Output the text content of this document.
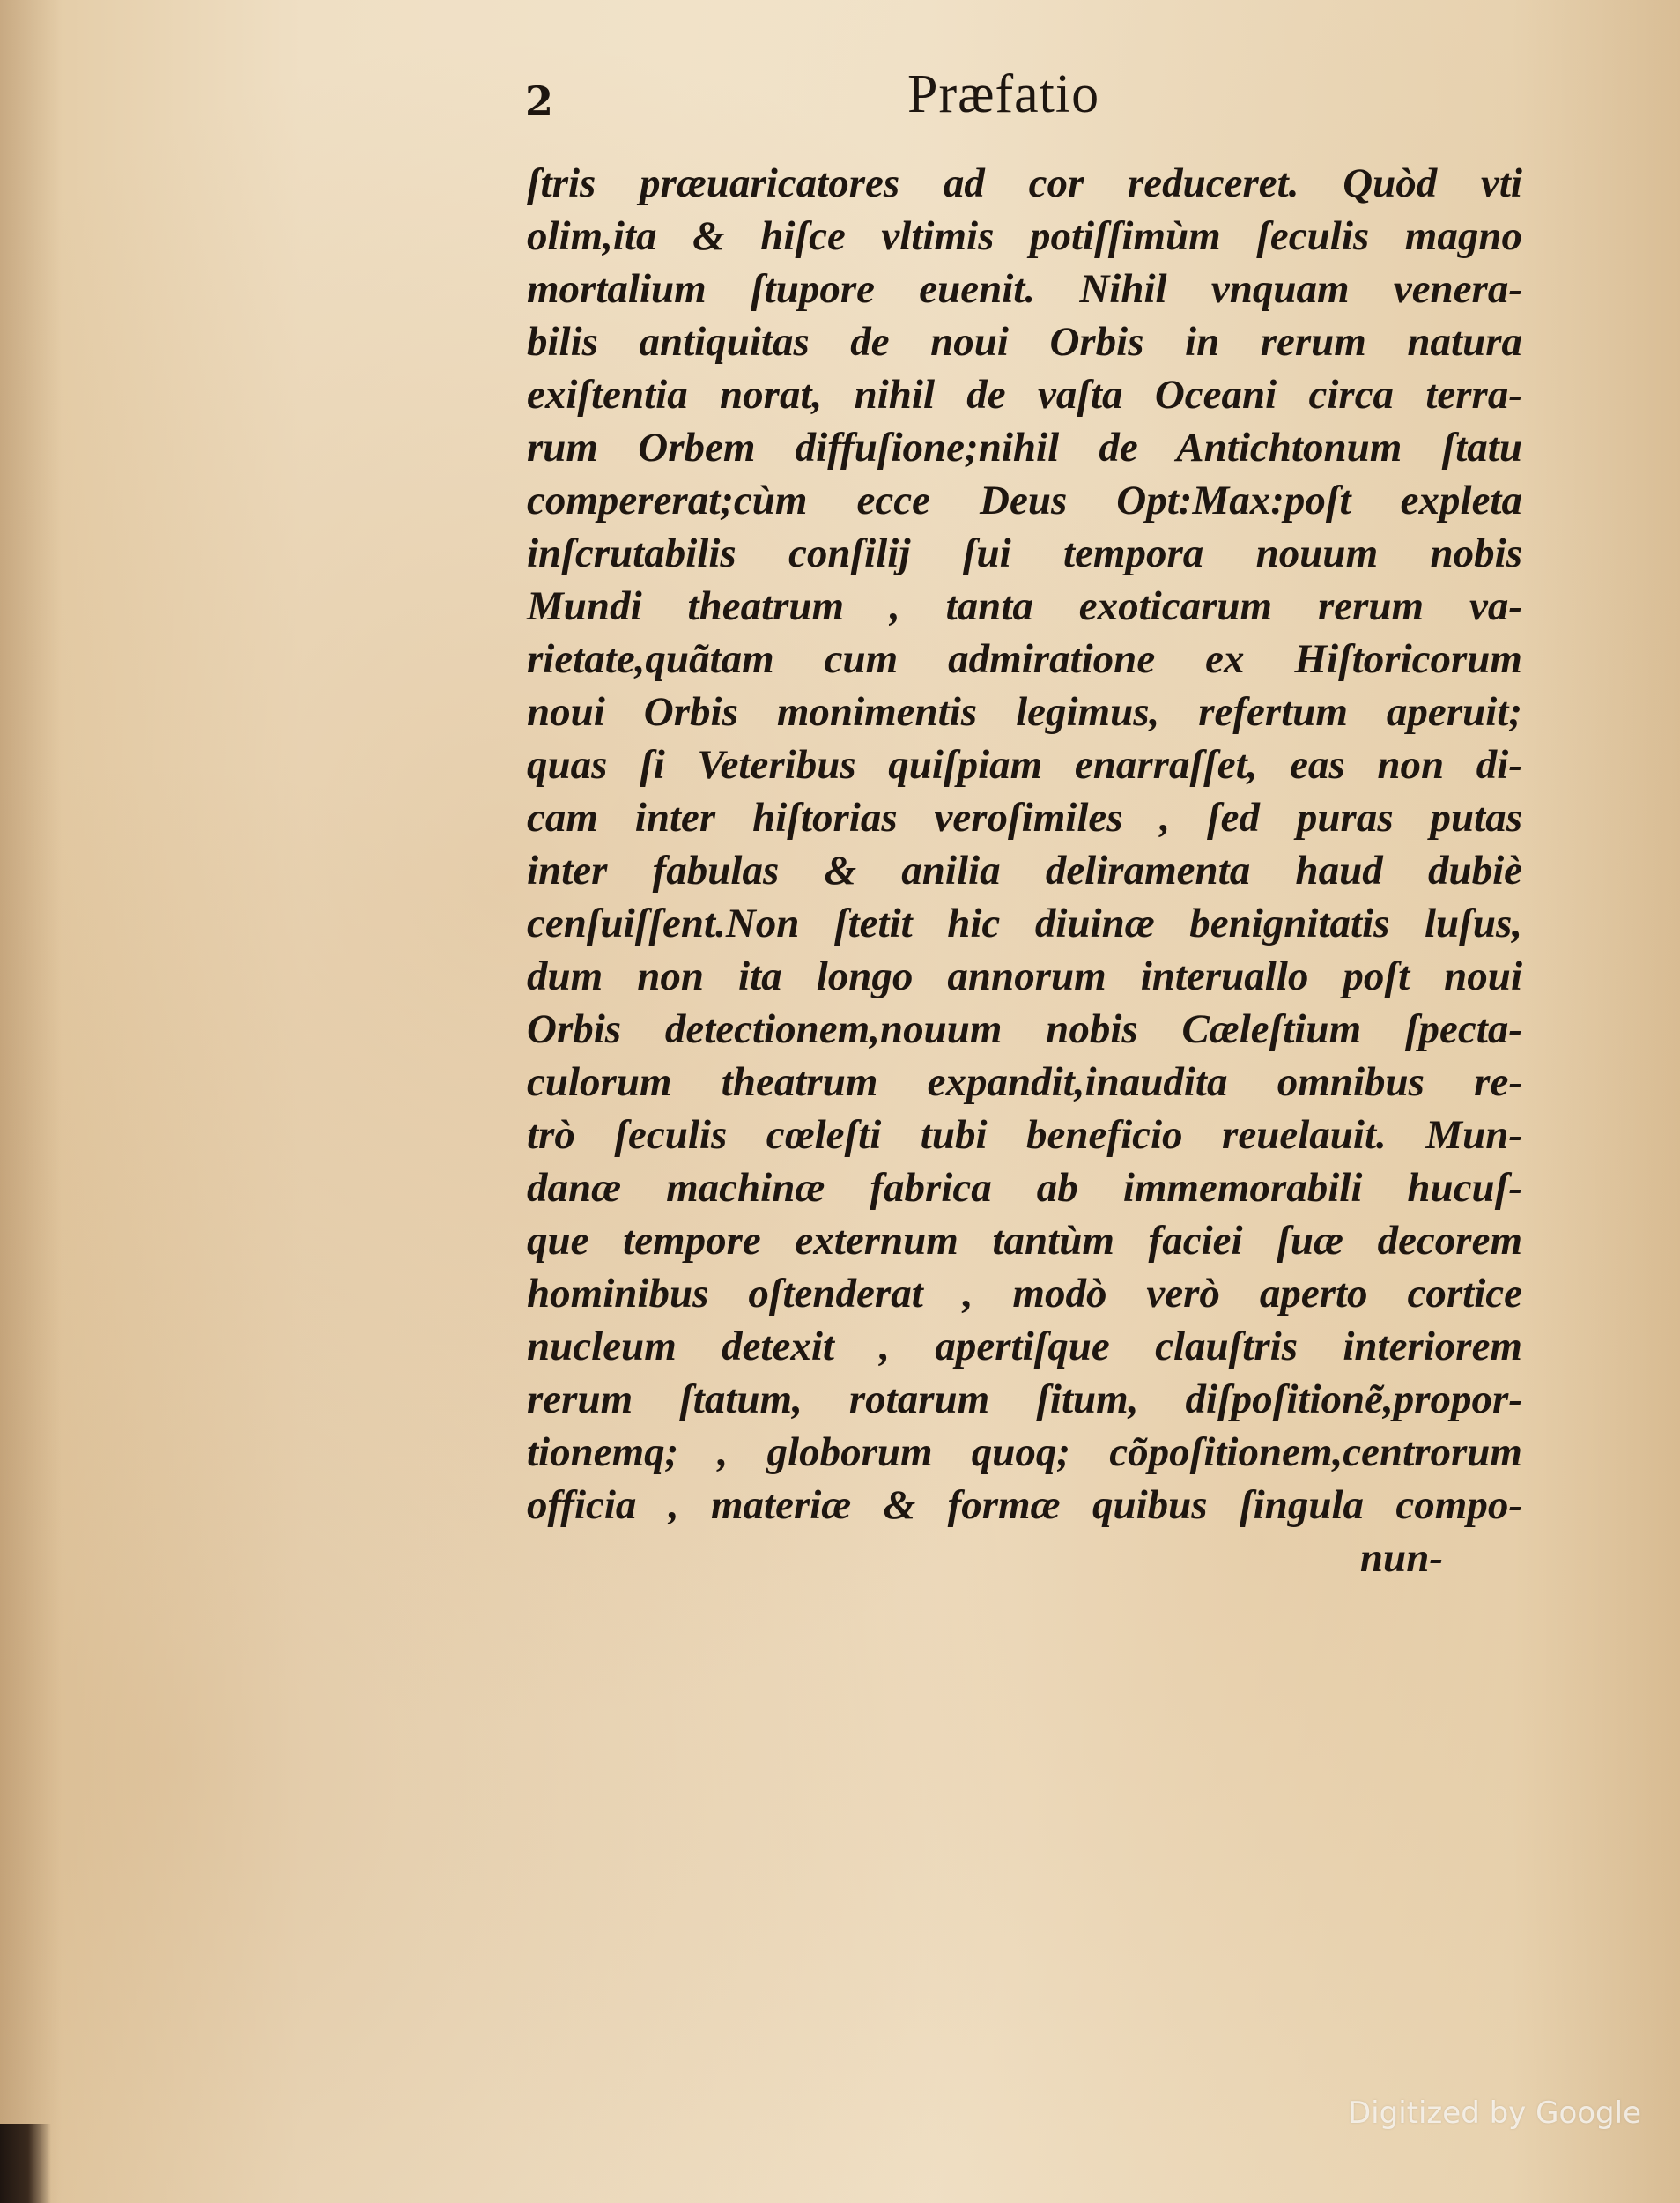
2	Præfatio
ſtris præuaricatores ad cor reduceret. Quòd vti
olim,ita & hiſce vltimis potiſſimùm ſeculis magno
mortalium ſtupore euenit. Nihil vnquam venera-
bilis antiquitas de noui Orbis in rerum natura
exiſtentia norat, nihil de vaſta Oceani circa terra-
rum Orbem diffuſione;nihil de Antichtonum ſtatu
compererat;cùm ecce Deus Opt:Max:poſt expleta
inſcrutabilis conſilij ſui tempora nouum nobis
Mundi theatrum , tanta exoticarum rerum va-
rietate,quãtam cum admiratione ex Hiſtoricorum
noui Orbis monimentis legimus, refertum aperuit;
quas ſi Veteribus quiſpiam enarraſſet, eas non di-
cam inter hiſtorias veroſimiles , ſed puras putas
inter fabulas & anilia deliramenta haud dubiè
cenſuiſſent.Non ſtetit hic diuinæ benignitatis luſus,
dum non ita longo annorum interuallo poſt noui
Orbis detectionem,nouum nobis Cæleſtium ſpecta-
culorum theatrum expandit,inaudita omnibus re-
trò ſeculis cœleſti tubi beneficio reuelauit. Mun-
danæ machinæ fabrica ab immemorabili hucuſ-
que tempore externum tantùm faciei ſuæ decorem
hominibus oſtenderat , modò verò aperto cortice
nucleum detexit , apertiſque clauſtris interiorem
rerum ſtatum, rotarum ſitum, diſpoſitionẽ,propor-
tionemq; , globorum quoq; cõpoſitionem,centrorum
officia , materiæ & formæ quibus ſingula compo-
nun-
Digitized by Google
